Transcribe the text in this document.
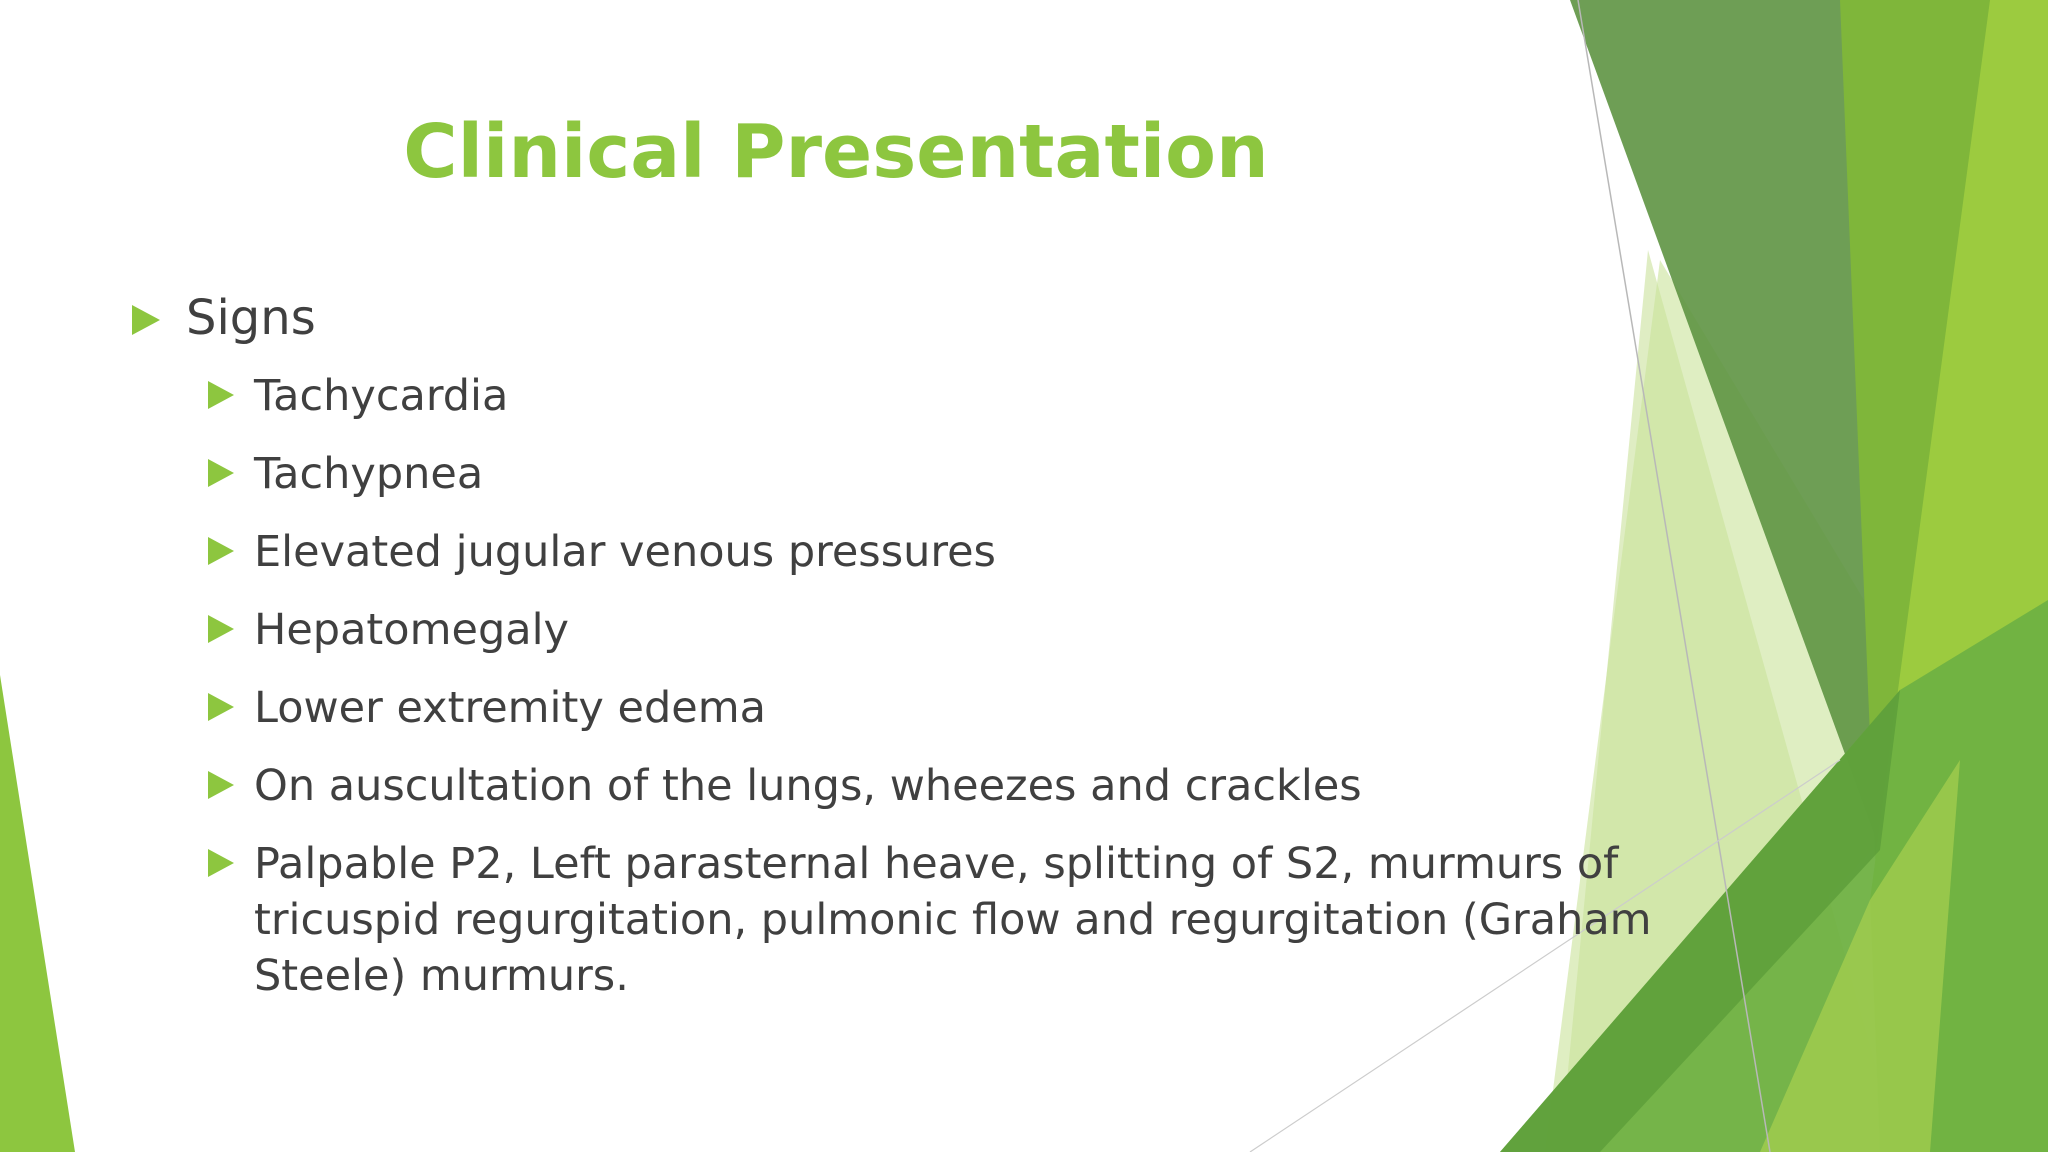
Clinical Presentation
Signs
Tachycardia
Tachypnea
Elevated jugular venous pressures
Hepatomegaly
Lower extremity edema
On auscultation of the lungs, wheezes and crackles
Palpable P2, Left parasternal heave, splitting of S2, murmurs of tricuspid regurgitation, pulmonic flow and regurgitation (Graham Steele) murmurs.
